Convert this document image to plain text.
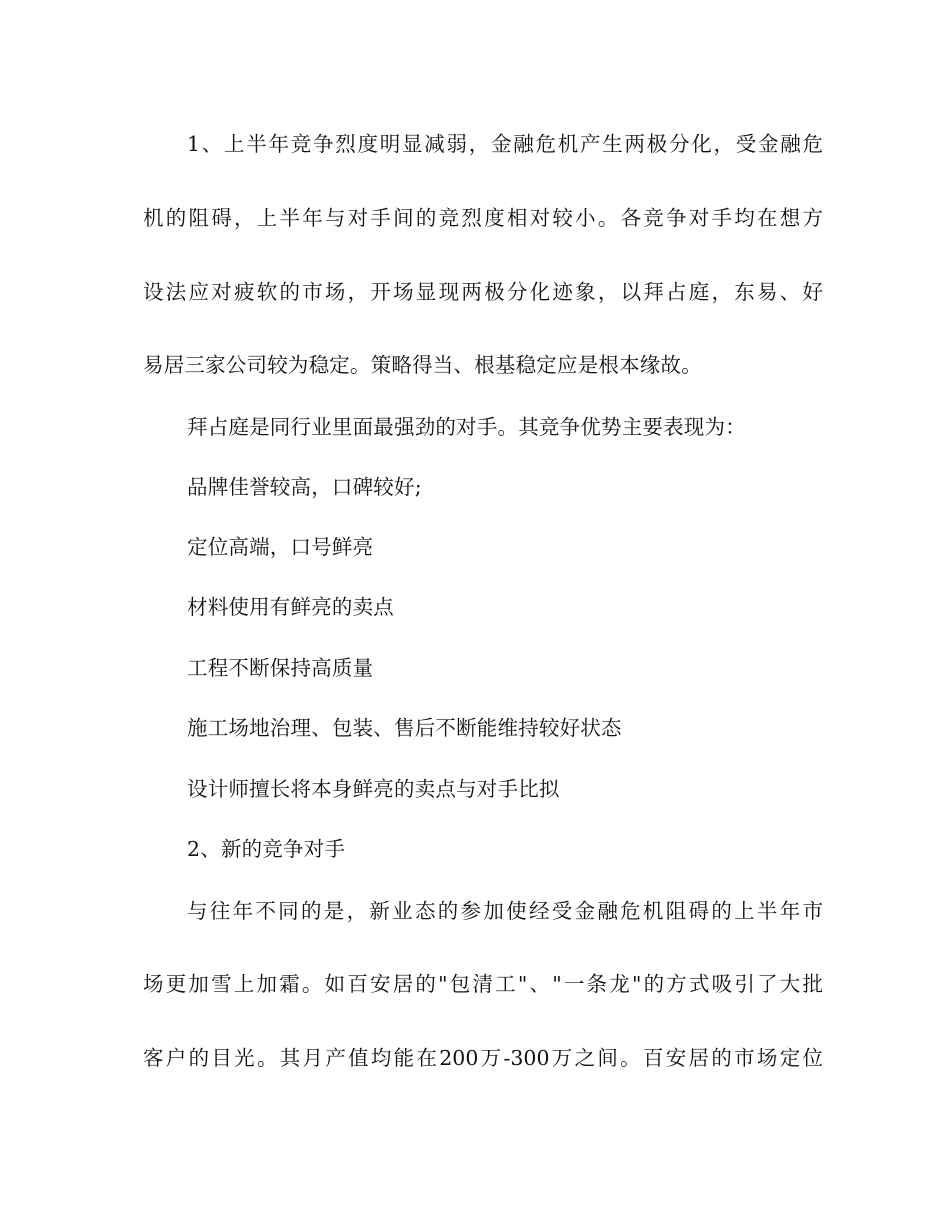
1、上半年竞争烈度明显减弱，金融危机产生两极分化，受金融危

机的阻碍，上半年与对手间的竞烈度相对较小。各竞争对手均在想方

设法应对疲软的市场，开场显现两极分化迹象，以拜占庭，东易、好

易居三家公司较为稳定。策略得当、根基稳定应是根本缘故。

拜占庭是同行业里面最强劲的对手。其竞争优势主要表现为：

品牌佳誉较高，口碑较好;

定位高端，口号鲜亮

材料使用有鲜亮的卖点

工程不断保持高质量

施工场地治理、包装、售后不断能维持较好状态

设计师擅长将本身鲜亮的卖点与对手比拟

2、新的竞争对手

与往年不同的是，新业态的参加使经受金融危机阻碍的上半年市

场更加雪上加霜。如百安居的"包清工"、"一条龙"的方式吸引了大批

客户的目光。其月产值均能在200万-300万之间。百安居的市场定位
